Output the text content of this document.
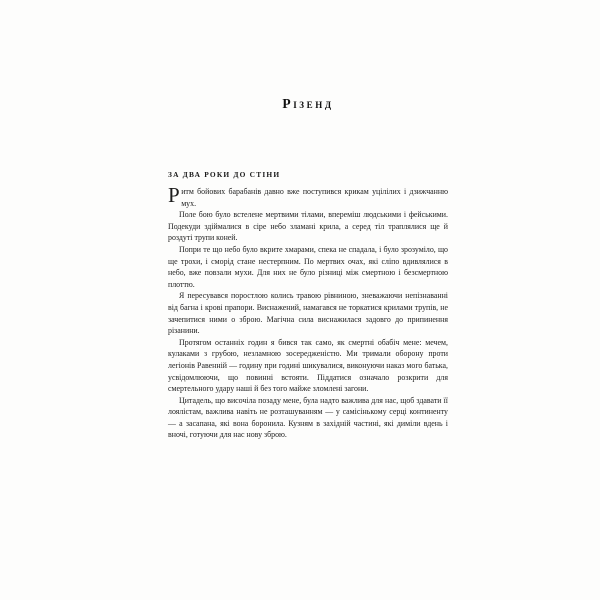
Різенд
ЗА ДВА РОКИ ДО СТІНИ

Ритм бойових барабанів давно вже поступився крикам уцілілих і дзижчанню мух.

Поле бою було встелене мертвими тілами, впереміш людськими і фейськими. Подекуди здіймалися в сіре небо зламані крила, а серед тіл траплялися ще й роздуті трупи коней.

Попри те що небо було вкрите хмарами, спека не спадала, і було зрозуміло, що ще трохи, і сморід стане нестерпним. По мертвих очах, які сліпо вдивлялися в небо, вже повзали мухи. Для них не було різниці між смертною і безсмертною плоттю.

Я пересувався поростлою колись травою рівниною, зневажаючи непізнаванні від багна і крові прапори. Виснажений, намагався не торкатися крилами трупів, не зачепитися ними о зброю. Магічна сила виснажилася задовго до припинення різанини.

Протягом останніх годин я бився так само, як смертні обабіч мене: мечем, кулаками з грубою, незламною зосередженістю. Ми тримали оборону проти легіонів Равенній — годину при годині шикувалися, виконуючи наказ мого батька, усвідомлюючи, що повинні встояти. Піддатися означало розкрити для смертельного удару наші й без того майже зломлені загони.

Цитадель, що височіла позаду мене, була надто важлива для нас, щоб здавати її лоялістам, важлива навіть не розташуванням — у самісінькому серці континенту — а засапана, які вона боронила. Кузням в західній частині, які диміли вдень і вночі, готуючи для нас нову зброю.
